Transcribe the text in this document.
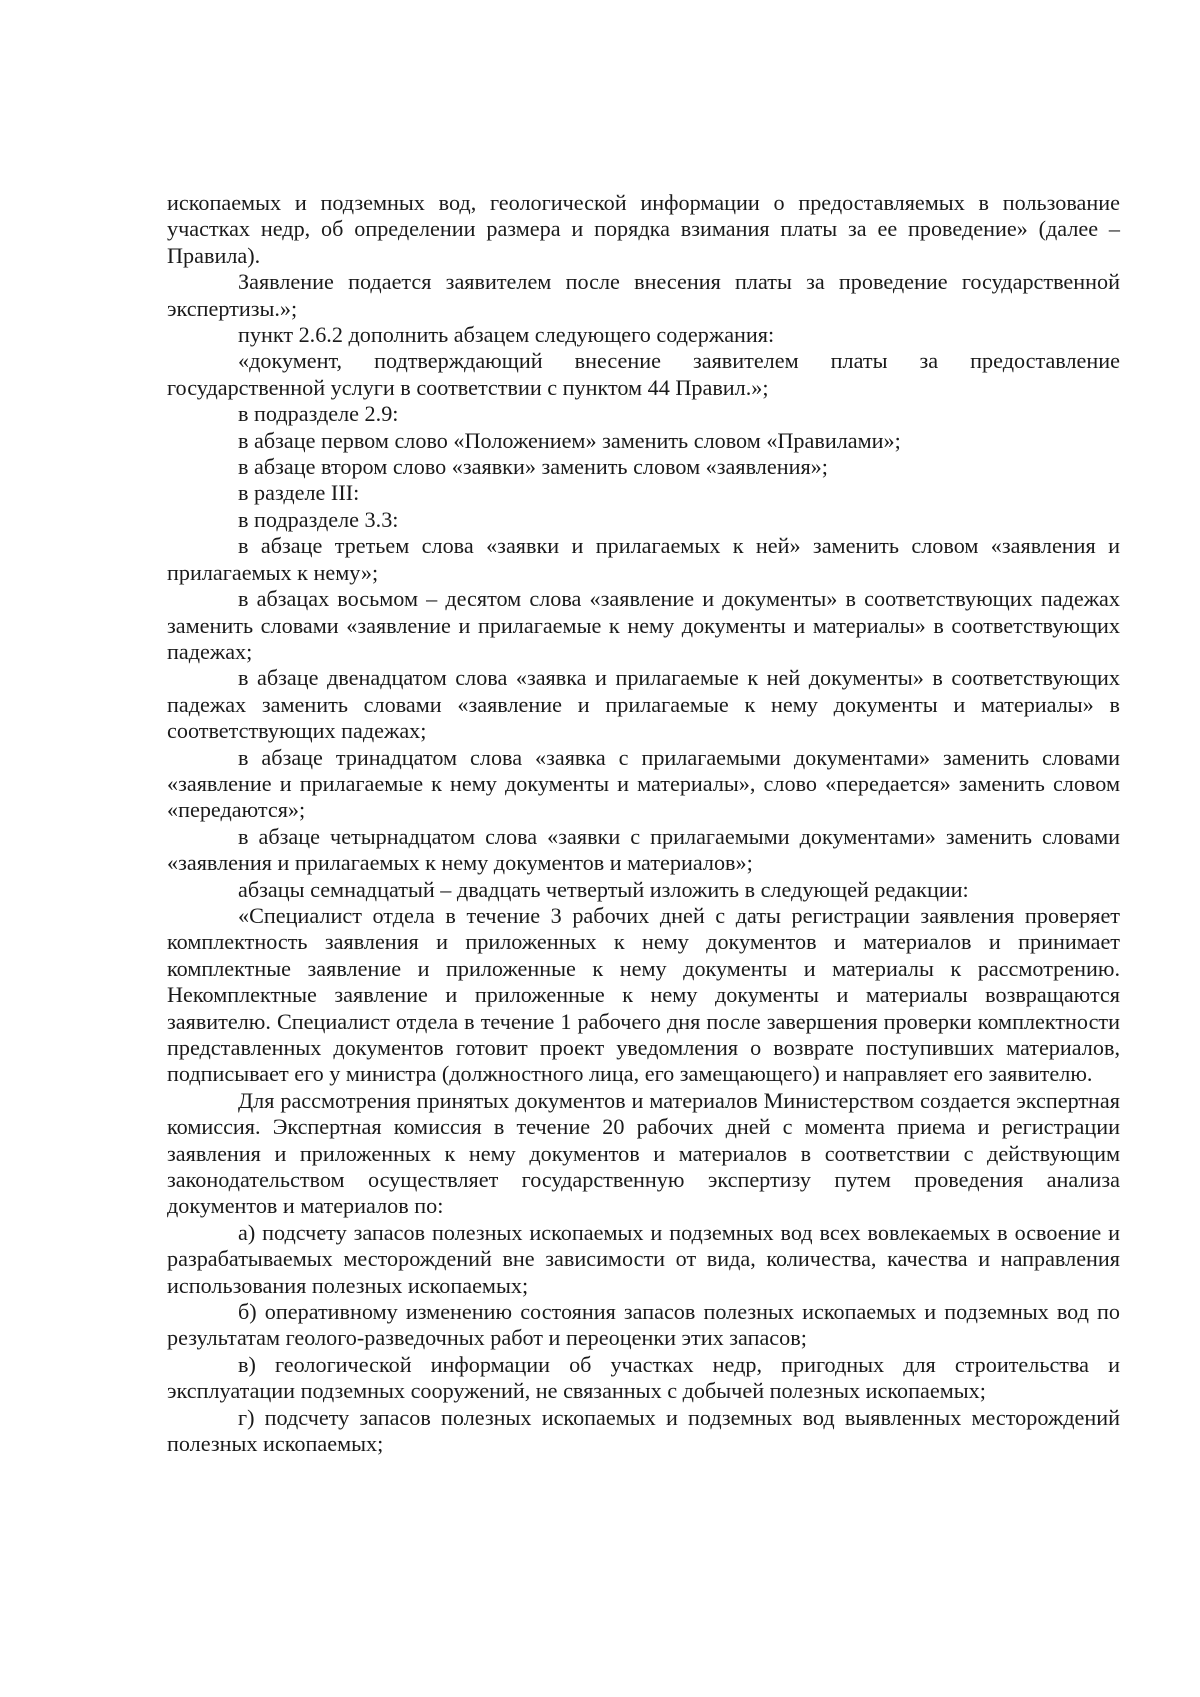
ископаемых и подземных вод, геологической информации о предоставляемых в пользование участках недр, об определении размера и порядка взимания платы за ее проведение» (далее – Правила).

Заявление подается заявителем после внесения платы за проведение государственной экспертизы.»;

пункт 2.6.2 дополнить абзацем следующего содержания:

«документ, подтверждающий внесение заявителем платы за предоставление государственной услуги в соответствии с пунктом 44 Правил.»;

в подразделе 2.9:

в абзаце первом слово «Положением» заменить словом «Правилами»;

в абзаце втором слово «заявки» заменить словом «заявления»;

в разделе III:

в подразделе 3.3:

в абзаце третьем слова «заявки и прилагаемых к ней» заменить словом «заявления и прилагаемых к нему»;

в абзацах восьмом – десятом слова «заявление и документы» в соответствующих падежах заменить словами «заявление и прилагаемые к нему документы и материалы» в соответствующих падежах;

в абзаце двенадцатом слова «заявка и прилагаемые к ней документы» в соответствующих падежах заменить словами «заявление и прилагаемые к нему документы и материалы» в соответствующих падежах;

в абзаце тринадцатом слова «заявка с прилагаемыми документами» заменить словами «заявление и прилагаемые к нему документы и материалы», слово «передается» заменить словом «передаются»;

в абзаце четырнадцатом слова «заявки с прилагаемыми документами» заменить словами «заявления и прилагаемых к нему документов и материалов»;

абзацы семнадцатый – двадцать четвертый изложить в следующей редакции:

«Специалист отдела в течение 3 рабочих дней с даты регистрации заявления проверяет комплектность заявления и приложенных к нему документов и материалов и принимает комплектные заявление и приложенные к нему документы и материалы к рассмотрению. Некомплектные заявление и приложенные к нему документы и материалы возвращаются заявителю. Специалист отдела в течение 1 рабочего дня после завершения проверки комплектности представленных документов готовит проект уведомления о возврате поступивших материалов, подписывает его у министра (должностного лица, его замещающего) и направляет его заявителю.

Для рассмотрения принятых документов и материалов Министерством создается экспертная комиссия. Экспертная комиссия в течение 20 рабочих дней с момента приема и регистрации заявления и приложенных к нему документов и материалов в соответствии с действующим законодательством осуществляет государственную экспертизу путем проведения анализа документов и материалов по:

а) подсчету запасов полезных ископаемых и подземных вод всех вовлекаемых в освоение и разрабатываемых месторождений вне зависимости от вида, количества, качества и направления использования полезных ископаемых;

б) оперативному изменению состояния запасов полезных ископаемых и подземных вод по результатам геолого-разведочных работ и переоценки этих запасов;

в) геологической информации об участках недр, пригодных для строительства и эксплуатации подземных сооружений, не связанных с добычей полезных ископаемых;

г) подсчету запасов полезных ископаемых и подземных вод выявленных месторождений полезных ископаемых;
